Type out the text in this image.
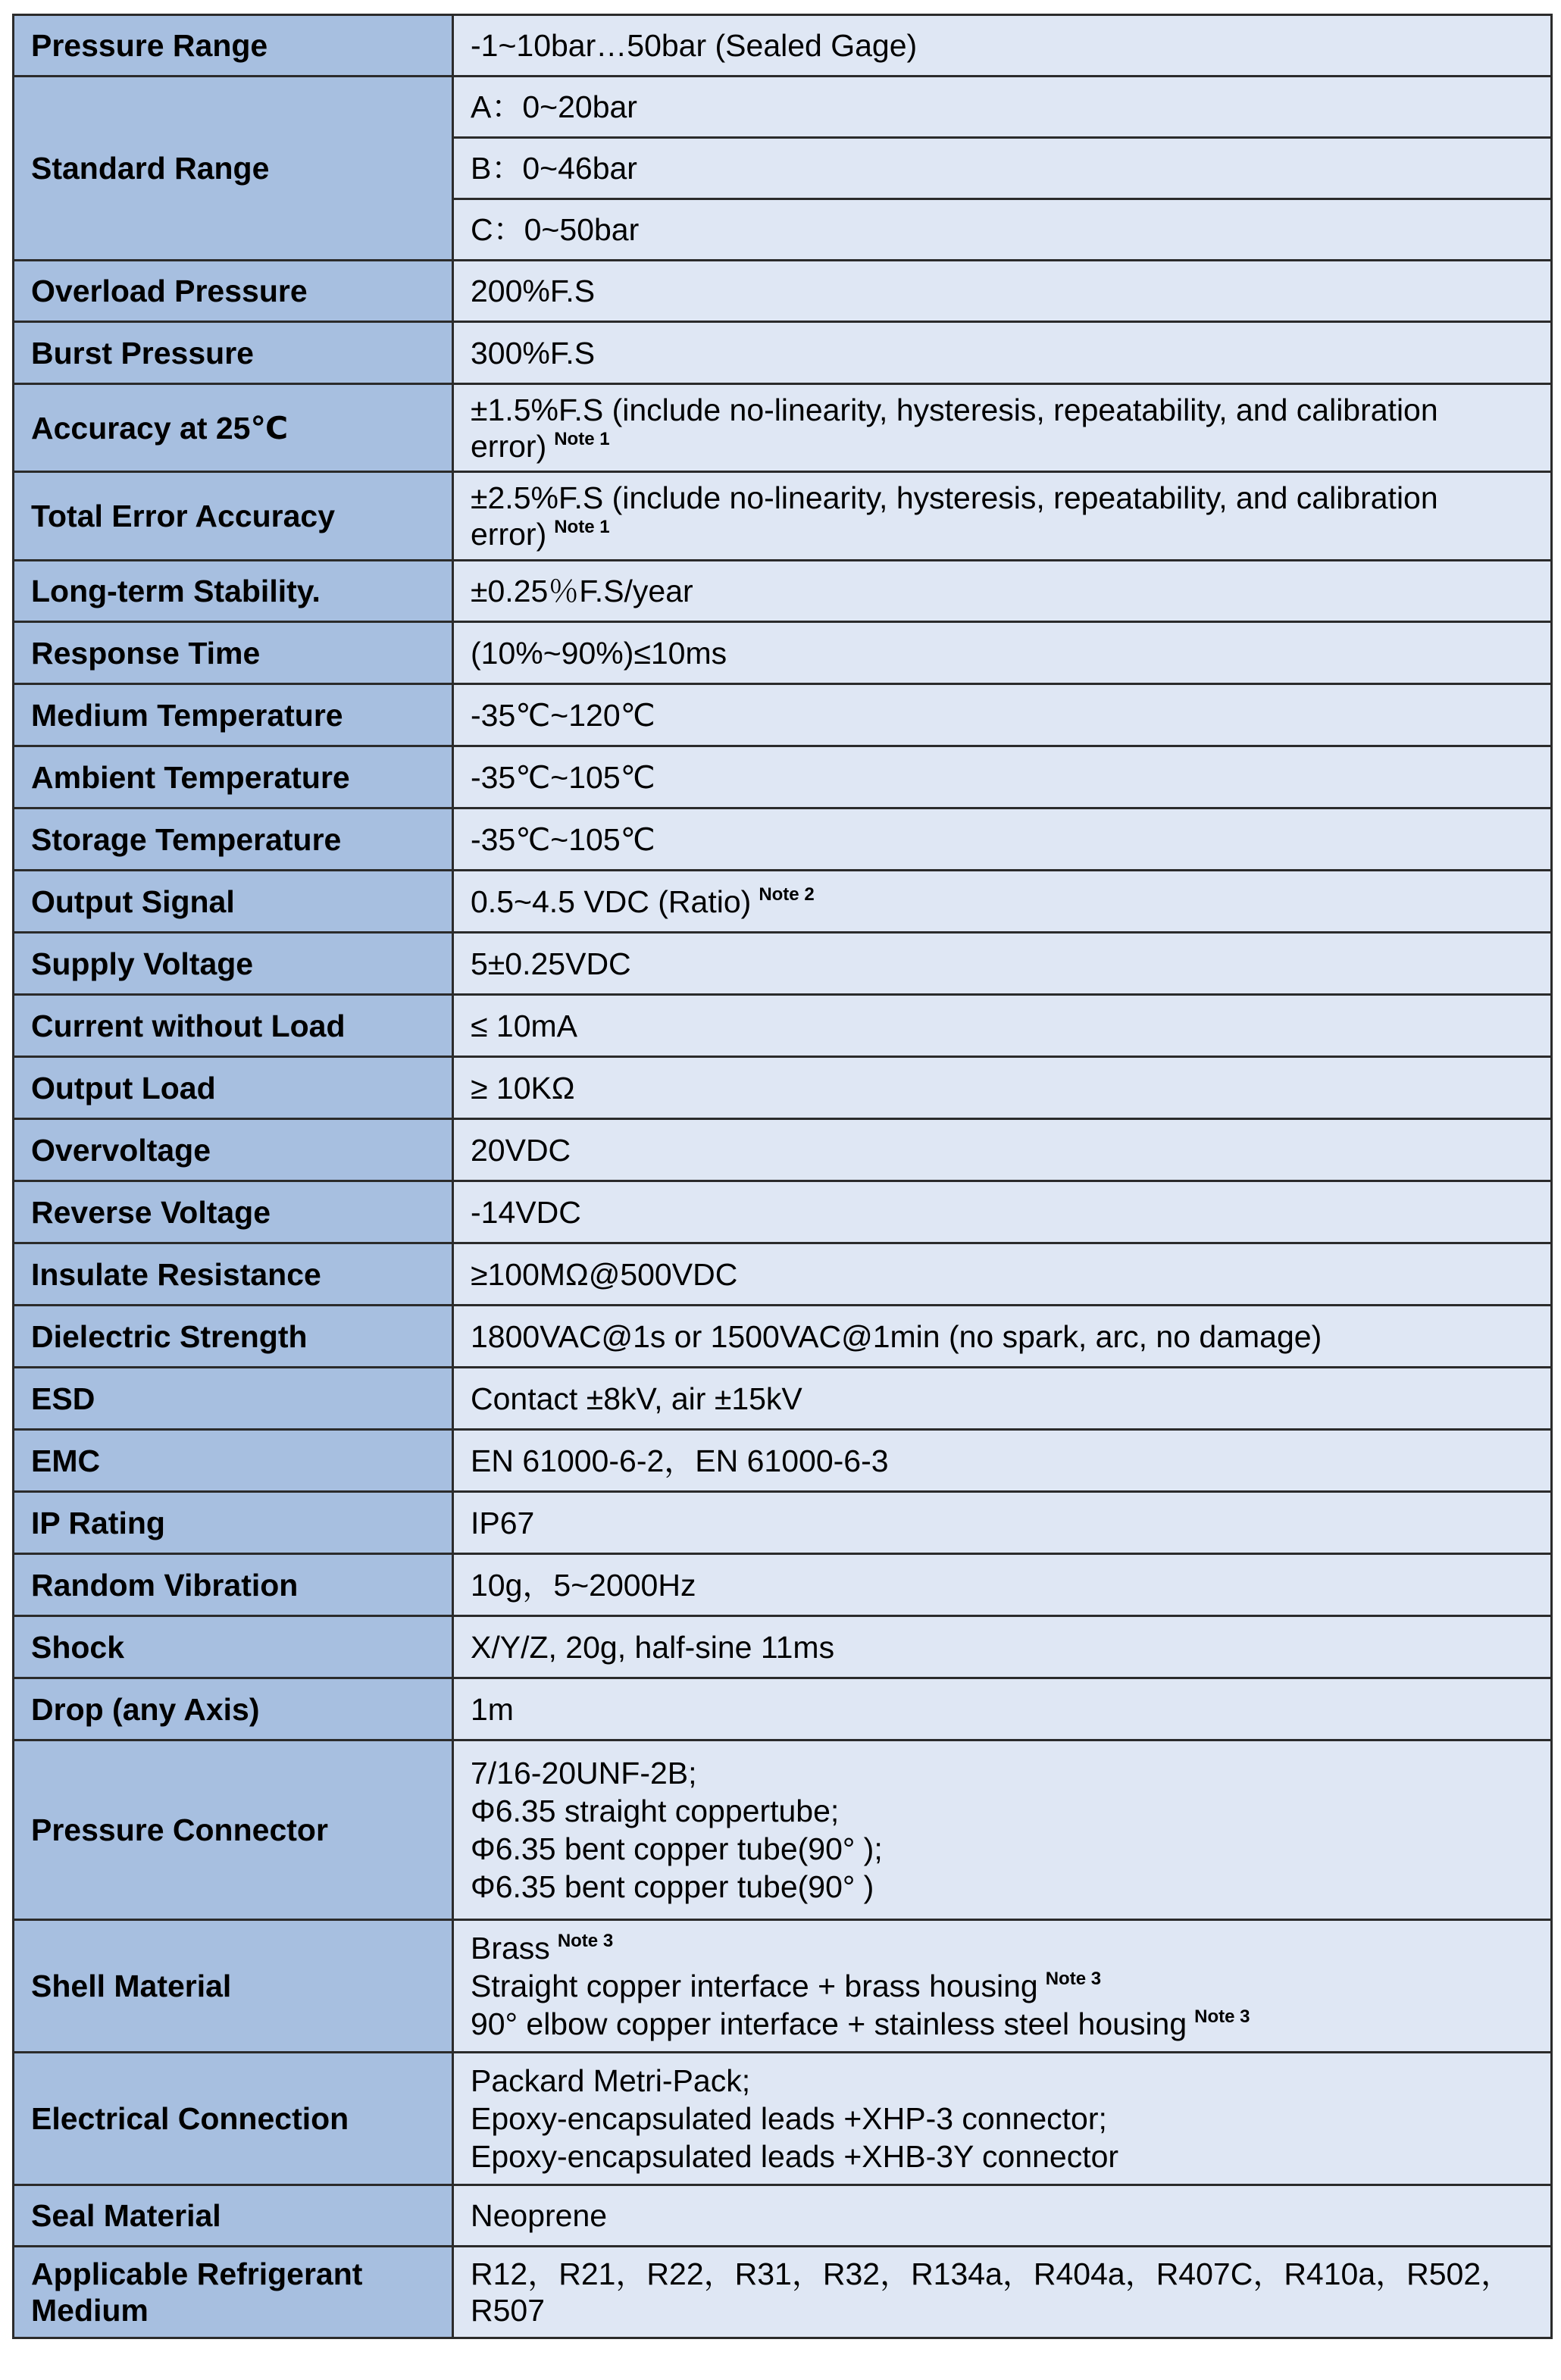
Pressure Range	-1~10bar…50bar (Sealed Gage)
Standard Range	A：0~20bar
	B：0~46bar
	C：0~50bar
Overload Pressure	200%F.S
Burst Pressure	300%F.S
Accuracy at 25℃	±1.5%F.S (include no-linearity, hysteresis, repeatability, and calibration error) $^{Note 1}$
Total Error Accuracy	±2.5%F.S (include no-linearity, hysteresis, repeatability, and calibration error) $^{Note 1}$
Long-term Stability.	±0.25％F.S/year
Response Time	(10%~90%)≤10ms
Medium Temperature	-35℃~120℃
Ambient Temperature	-35℃~105℃
Storage Temperature	-35℃~105℃
Output Signal	0.5~4.5 VDC (Ratio) $^{Note 2}$
Supply Voltage	5±0.25VDC
Current without Load	≤ 10mA
Output Load	≥ 10KΩ
Overvoltage	20VDC
Reverse Voltage	-14VDC
Insulate Resistance	≥100MΩ@500VDC
Dielectric Strength	1800VAC@1s or 1500VAC@1min (no spark, arc, no damage)
ESD	Contact ±8kV, air ±15kV
EMC	EN 61000-6-2，EN 61000-6-3
IP Rating	IP67
Random Vibration	10g，5~2000Hz
Shock	X/Y/Z, 20g, half-sine 11ms
Drop (any Axis)	1m
Pressure Connector	7/16-20UNF-2B;
Φ6.35 straight coppertube;
Φ6.35 bent copper tube(90° );
Φ6.35 bent copper tube(90° )

Shell Material	Brass $^{Note 3}$
Straight copper interface + brass housing $^{Note 3}$
90° elbow copper interface + stainless steel housing $^{Note 3}$

Electrical Connection	Packard Metri-Pack;
Epoxy-encapsulated leads +XHP-3 connector;
Epoxy-encapsulated leads +XHB-3Y connector

Seal Material	Neoprene
Applicable Refrigerant Medium	R12，R21，R22，R31，R32，R134a，R404a，R407C，R410a，R502，R507
